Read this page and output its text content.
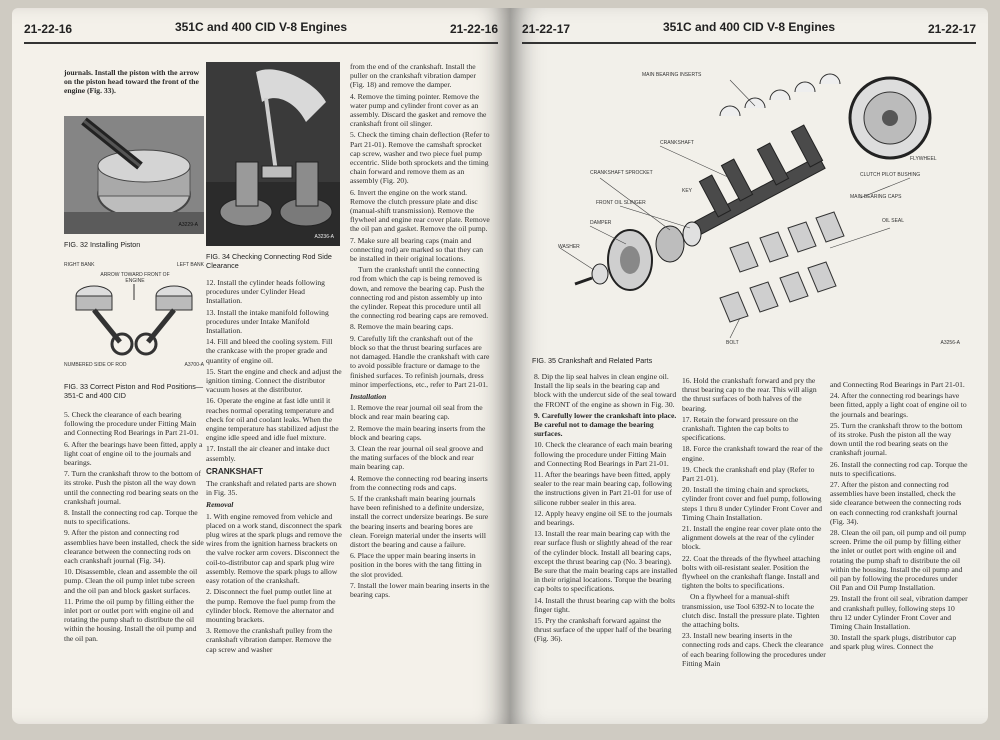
21-22-16	351C and 400 CID V-8 Engines	21-22-16

journals. Install the piston with the arrow on the piston head toward the front of the engine (Fig. 33).

A3229-A
FIG. 32 Installing Piston
RIGHT BANK	LEFT BANK
ARROW TOWARD FRONT OF ENGINE
NUMBERED SIDE OF ROD	A3700-A
FIG. 33 Correct Piston and Rod Positions—351-C and 400 CID

5. Check the clearance of each bearing following the procedure under Fitting Main and Connecting Rod Bearings in Part 21-01.

6. After the bearings have been fitted, apply a light coat of engine oil to the journals and bearings.

7. Turn the crankshaft throw to the bottom of its stroke. Push the piston all the way down until the connecting rod bearing seats on the crankshaft journal.

8. Install the connecting rod cap. Torque the nuts to specifications.

9. After the piston and connecting rod assemblies have been installed, check the side clearance between the connecting rods on each crankshaft journal (Fig. 34).

10. Disassemble, clean and assemble the oil pump. Clean the oil pump inlet tube screen and the oil pan and block gasket surfaces.

11. Prime the oil pump by filling either the inlet port or outlet port with engine oil and rotating the pump shaft to distribute the oil within the housing. Install the oil pump and the oil pan.

A3236-A
FIG. 34 Checking Connecting Rod Side Clearance

12. Install the cylinder heads following procedures under Cylinder Head Installation.

13. Install the intake manifold following procedures under Intake Manifold Installation.

14. Fill and bleed the cooling system. Fill the crankcase with the proper grade and quantity of engine oil.

15. Start the engine and check and adjust the ignition timing. Connect the distributor vacuum hoses at the distributor.

16. Operate the engine at fast idle until it reaches normal operating temperature and check for oil and coolant leaks. When the engine temperature has stabilized adjust the engine idle speed and idle fuel mixture.

17. Install the air cleaner and intake duct assembly.

CRANKSHAFT

The crankshaft and related parts are shown in Fig. 35.

Removal

1. With engine removed from vehicle and placed on a work stand, disconnect the spark plug wires at the spark plugs and remove the wires from the ignition harness brackets on the valve rocker arm covers. Disconnect the coil-to-distributor cap and spark plug wire assembly. Remove the spark plugs to allow easy rotation of the crankshaft.

2. Disconnect the fuel pump outlet line at the pump. Remove the fuel pump from the cylinder block. Remove the alternator and mounting brackets.

3. Remove the crankshaft pulley from the crankshaft vibration damper. Remove the cap screw and washer

from the end of the crankshaft. Install the puller on the crankshaft vibration damper (Fig. 18) and remove the damper.

4. Remove the timing pointer. Remove the water pump and cylinder front cover as an assembly. Discard the gasket and remove the crankshaft front oil slinger.

5. Check the timing chain deflection (Refer to Part 21-01). Remove the camshaft sprocket cap screw, washer and two piece fuel pump eccentric. Slide both sprockets and the timing chain forward and remove them as an assembly (Fig. 20).

6. Invert the engine on the work stand. Remove the clutch pressure plate and disc (manual-shift transmission). Remove the flywheel and engine rear cover plate. Remove the oil pan and gasket. Remove the oil pump.

7. Make sure all bearing caps (main and connecting rod) are marked so that they can be installed in their original locations.

Turn the crankshaft until the connecting rod from which the cap is being removed is down, and remove the bearing cap. Push the connecting rod and piston assembly up into the cylinder. Repeat this procedure until all the connecting rod bearing caps are removed.

8. Remove the main bearing caps.

9. Carefully lift the crankshaft out of the block so that the thrust bearing surfaces are not damaged. Handle the crankshaft with care to avoid possible fracture or damage to the finished surfaces. To refinish journals, dress minor imperfections, etc., refer to Part 21-01.

Installation

1. Remove the rear journal oil seal from the block and rear main bearing cap.

2. Remove the main bearing inserts from the block and bearing caps.

3. Clean the rear journal oil seal groove and the mating surfaces of the block and rear main bearing cap.

4. Remove the connecting rod bearing inserts from the connecting rods and caps.

5. If the crankshaft main bearing journals have been refinished to a definite undersize, install the correct undersize bearings. Be sure the bearing inserts and bearing bores are clean. Foreign material under the inserts will distort the bearing and cause a failure.

6. Place the upper main bearing inserts in position in the bores with the tang fitting in the slot provided.

7. Install the lower main bearing inserts in the bearing caps.

21-22-17	351C and 400 CID V-8 Engines	21-22-17
MAIN BEARING INSERTS
CRANKSHAFT
CRANKSHAFT SPROCKET
KEY
FRONT OIL SLINGER
DAMPER
WASHER
FLYWHEEL
CLUTCH PILOT BUSHING
MAIN BEARING CAPS
OIL SEAL
BOLT	A3256-A
FIG. 35 Crankshaft and Related Parts

8. Dip the lip seal halves in clean engine oil. Install the lip seals in the bearing cap and block with the undercut side of the seal toward the FRONT of the engine as shown in Fig. 30.

9. Carefully lower the crankshaft into place. Be careful not to damage the bearing surfaces.

10. Check the clearance of each main bearing following the procedure under Fitting Main and Connecting Rod Bearings in Part 21-01.

11. After the bearings have been fitted, apply sealer to the rear main bearing cap, following the instructions given in Part 21-01 for use of silicone rubber sealer in this area.

12. Apply heavy engine oil SE to the journals and bearings.

13. Install the rear main bearing cap with the rear surface flush or slightly ahead of the rear of the cylinder block. Install all bearing caps, except the thrust bearing cap (No. 3 bearing). Be sure that the main bearing caps are installed in their original locations. Torque the bearing cap bolts to specifications.

14. Install the thrust bearing cap with the bolts finger tight.

15. Pry the crankshaft forward against the thrust surface of the upper half of the bearing (Fig. 36).

16. Hold the crankshaft forward and pry the thrust bearing cap to the rear. This will align the thrust surfaces of both halves of the bearing.

17. Retain the forward pressure on the crankshaft. Tighten the cap bolts to specifications.

18. Force the crankshaft toward the rear of the engine.

19. Check the crankshaft end play (Refer to Part 21-01).

20. Install the timing chain and sprockets, cylinder front cover and fuel pump, following steps 1 thru 8 under Cylinder Front Cover and Timing Chain Installation.

21. Install the engine rear cover plate onto the alignment dowels at the rear of the cylinder block.

22. Coat the threads of the flywheel attaching bolts with oil-resistant sealer. Position the flywheel on the crankshaft flange. Install and tighten the bolts to specifications.

On a flywheel for a manual-shift transmission, use Tool 6392-N to locate the clutch disc. Install the pressure plate. Tighten the attaching bolts.

23. Install new bearing inserts in the connecting rods and caps. Check the clearance of each bearing following the procedures under Fitting Main

and Connecting Rod Bearings in Part 21-01.

24. After the connecting rod bearings have been fitted, apply a light coat of engine oil to the journals and bearings.

25. Turn the crankshaft throw to the bottom of its stroke. Push the piston all the way down until the rod bearing seats on the crankshaft journal.

26. Install the connecting rod cap. Torque the nuts to specifications.

27. After the piston and connecting rod assemblies have been installed, check the side clearance between the connecting rods on each connecting rod crankshaft journal (Fig. 34).

28. Clean the oil pan, oil pump and oil pump screen. Prime the oil pump by filling either the inlet or outlet port with engine oil and rotating the pump shaft to distribute the oil within the housing. Install the oil pump and oil pan by following the procedures under Oil Pan and Oil Pump Installation.

29. Install the front oil seal, vibration damper and crankshaft pulley, following steps 10 thru 12 under Cylinder Front Cover and Timing Chain Installation.

30. Install the spark plugs, distributor cap and spark plug wires. Connect the
